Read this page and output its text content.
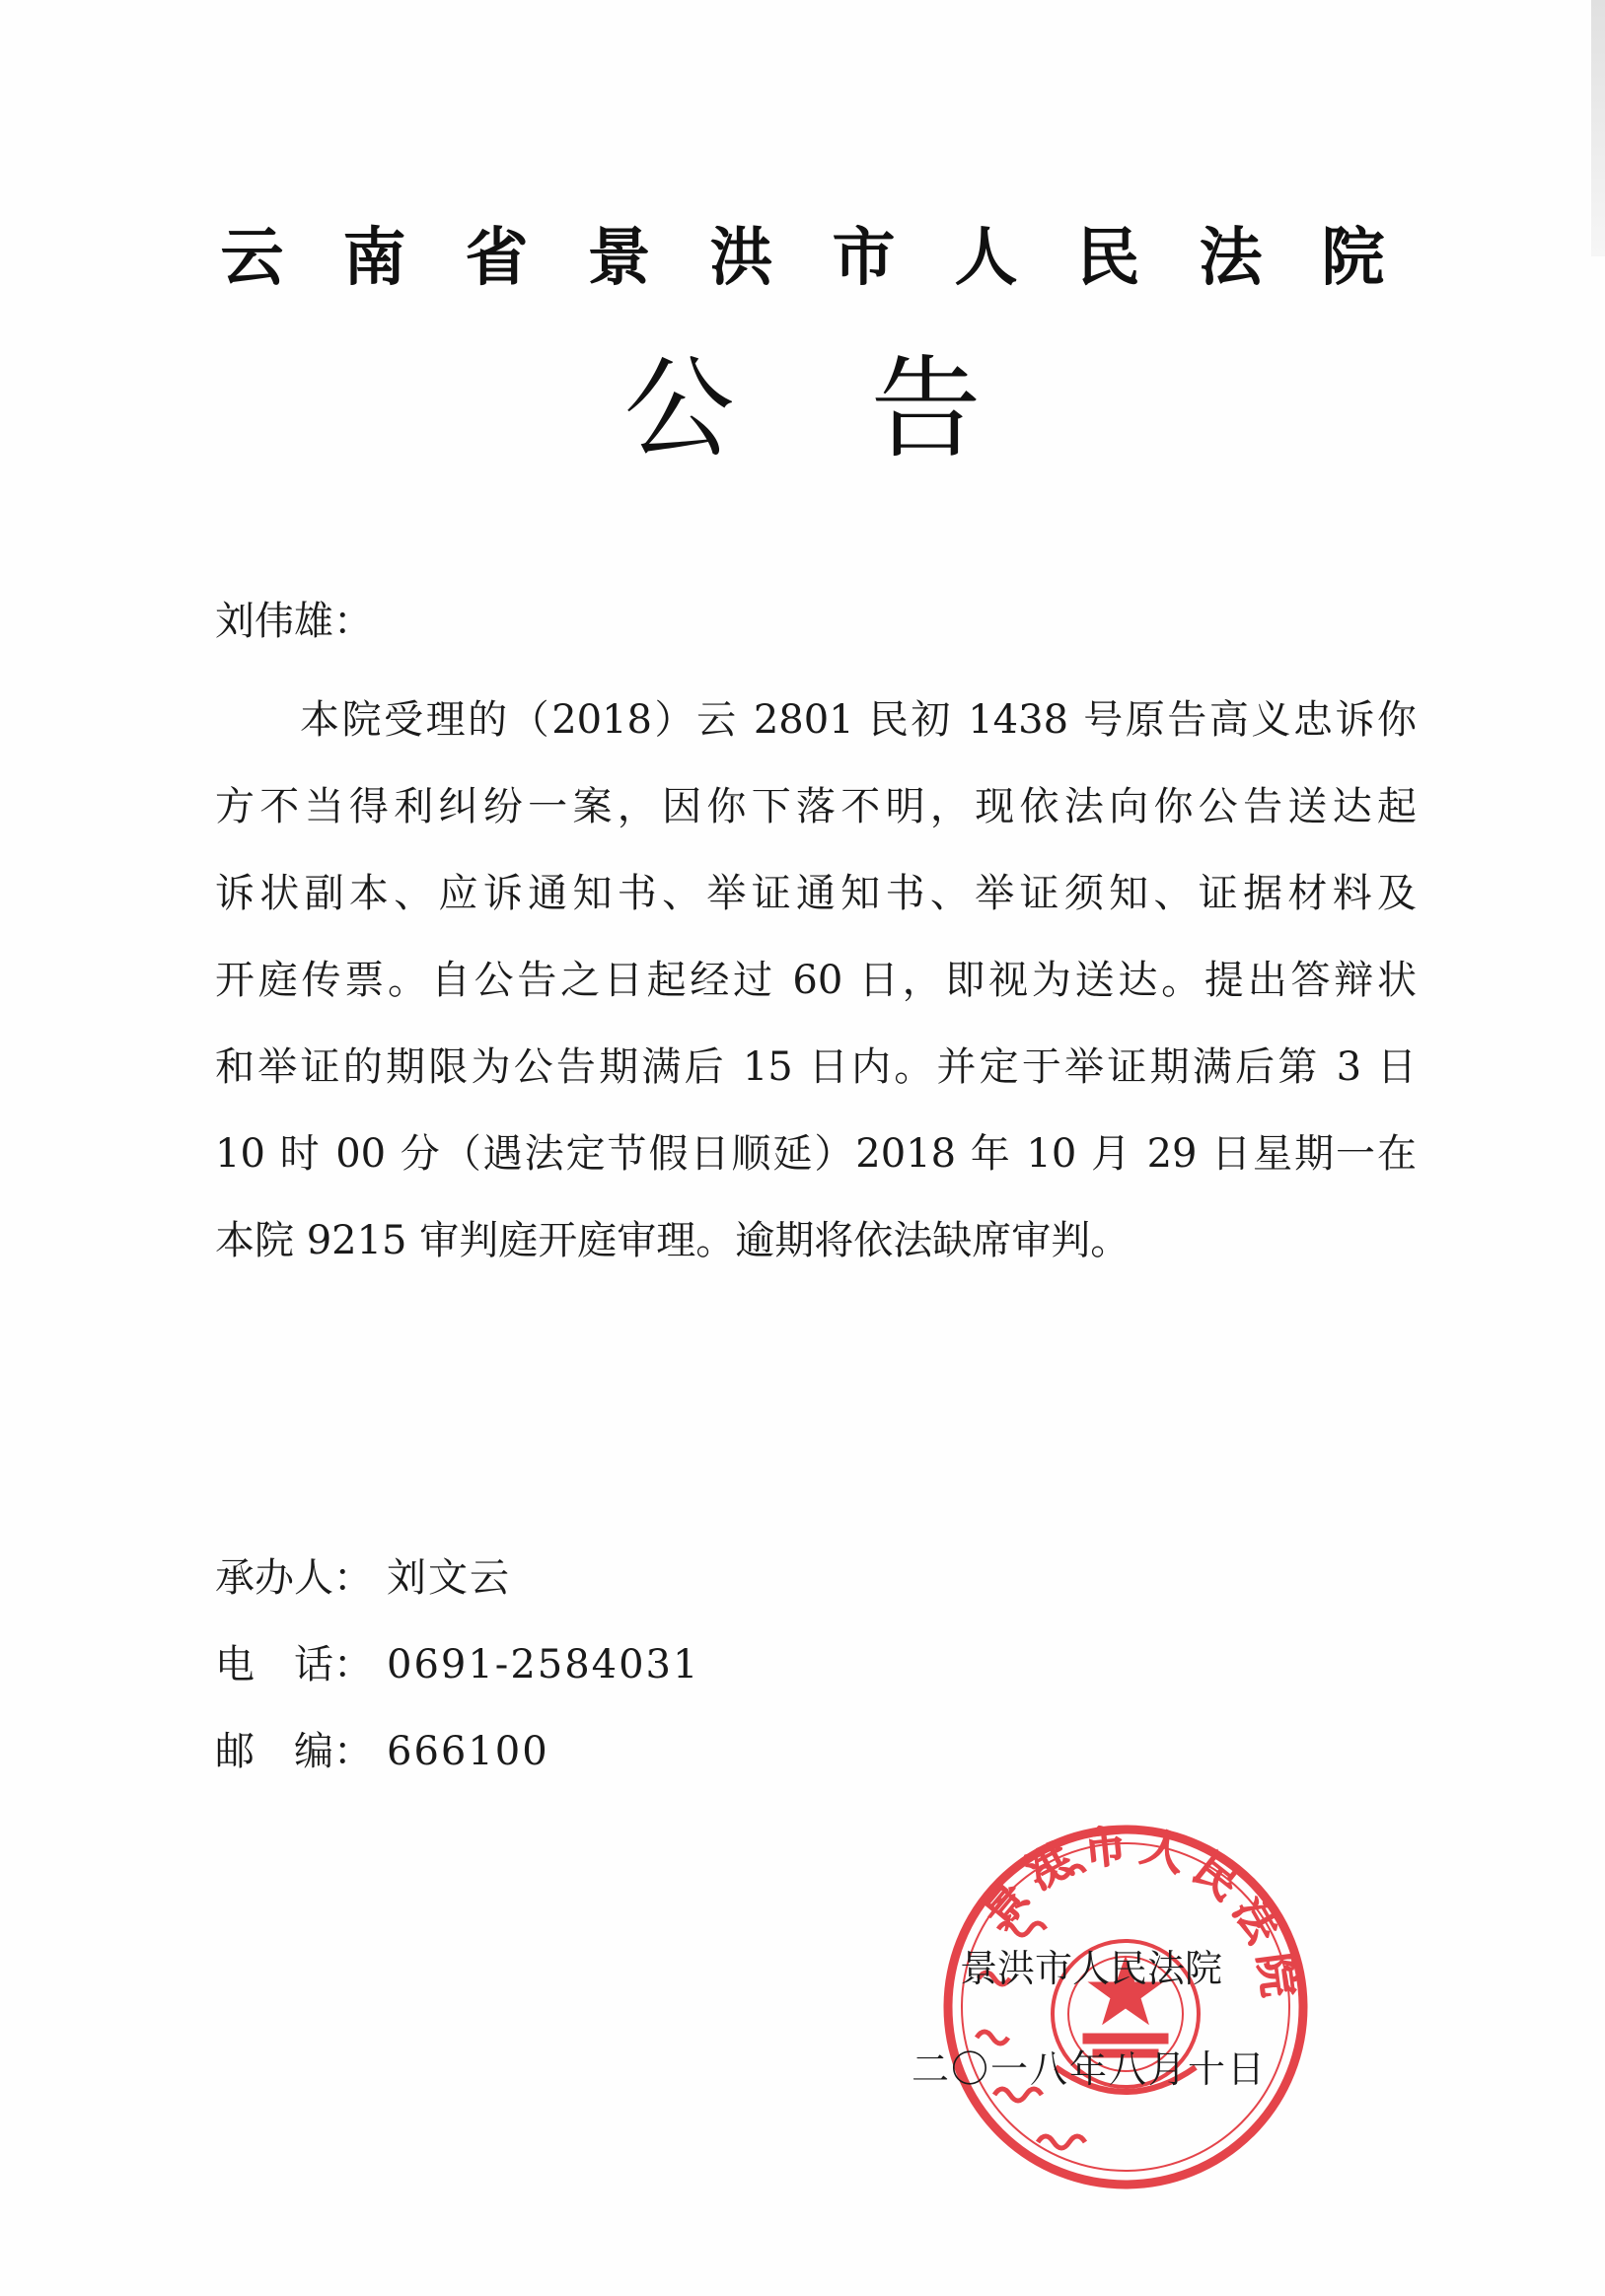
云 南 省 景 洪 市 人 民 法 院
公 告
刘伟雄：
本院受理的（2018）云 2801 民初 1438 号原告高义忠诉你
方不当得利纠纷一案，因你下落不明，现依法向你公告送达起
诉状副本、应诉通知书、举证通知书、举证须知、证据材料及
开庭传票。自公告之日起经过 60 日，即视为送达。提出答辩状
和举证的期限为公告期满后 15 日内。并定于举证期满后第 3 日
10 时 00 分（遇法定节假日顺延）2018 年 10 月 29 日星期一在
本院 9215 审判庭开庭审理。逾期将依法缺席审判。
承办人： 刘文云
电　话： 0691-2584031
邮　编： 666100
景洪市人民法院
景洪市人民法院
二〇一八年八月十日
